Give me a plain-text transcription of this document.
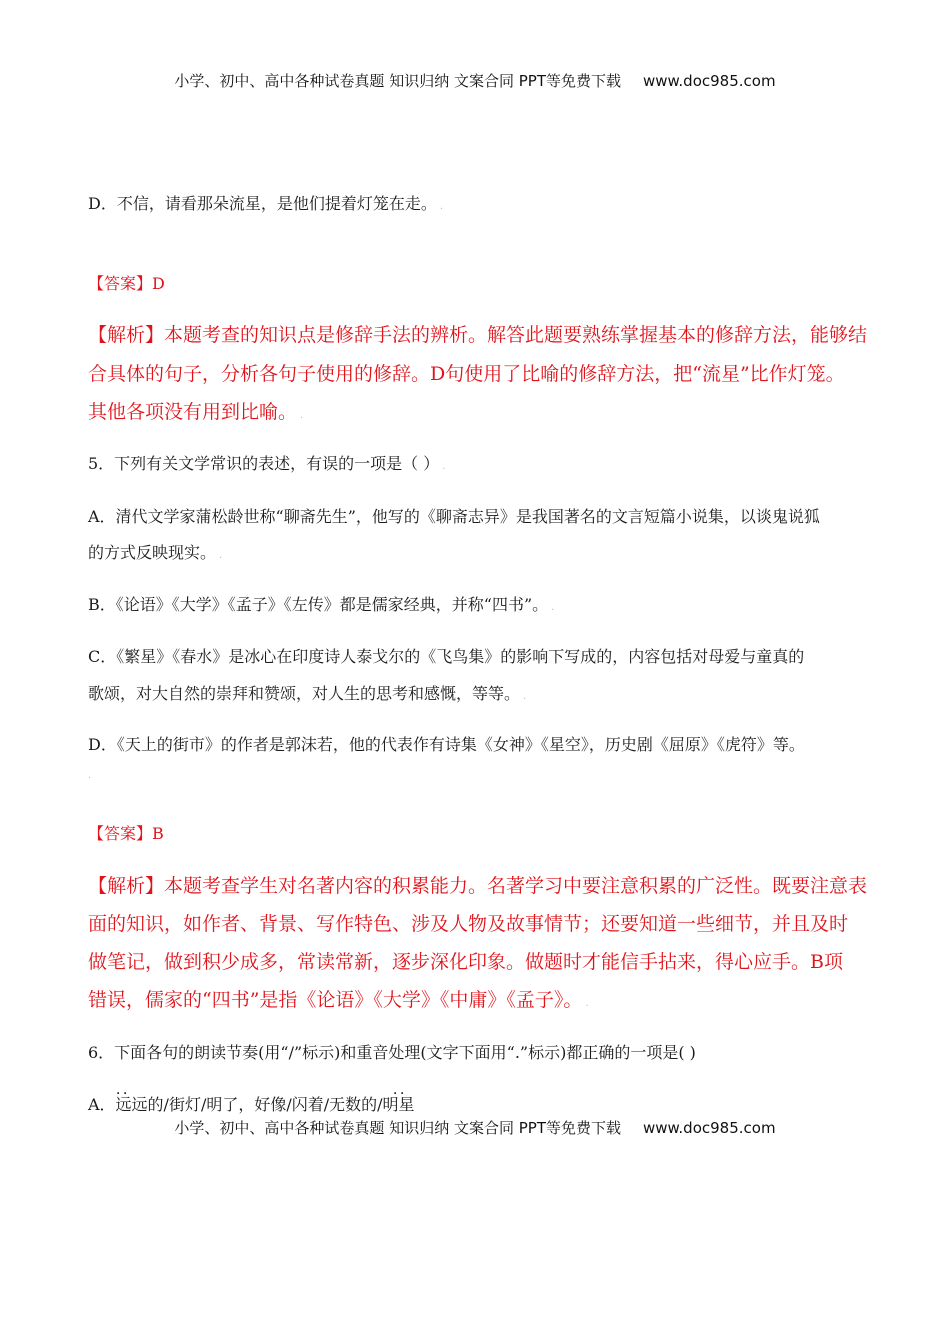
小学、初中、高中各种试卷真题 知识归纳 文案合同 PPT等免费下载 www.doc985.com
D．不信，请看那朵流星，是他们提着灯笼在走。 .
【答案】D
【解析】本题考查的知识点是修辞手法的辨析。解答此题要熟练掌握基本的修辞方法，能够结
合具体的句子，分析各句子使用的修辞。D句使用了比喻的修辞方法，把“流星”比作灯笼。
其他各项没有用到比喻。 .
5．下列有关文学常识的表述，有误的一项是（ ） .
A．清代文学家蒲松龄世称“聊斋先生”，他写的《聊斋志异》是我国著名的文言短篇小说集，以谈鬼说狐
的方式反映现实。 .
B．《论语》《大学》《孟子》《左传》都是儒家经典，并称“四书”。 .
C．《繁星》《春水》是冰心在印度诗人泰戈尔的《飞鸟集》的影响下写成的，内容包括对母爱与童真的
歌颂，对大自然的崇拜和赞颂，对人生的思考和感慨，等等。 .
D．《天上的街市》的作者是郭沫若，他的代表作有诗集《女神》《星空》，历史剧《屈原》《虎符》等。
.
【答案】B
【解析】本题考查学生对名著内容的积累能力。名著学习中要注意积累的广泛性。既要注意表
面的知识，如作者、背景、写作特色、涉及人物及故事情节；还要知道一些细节，并且及时
做笔记，做到积少成多，常读常新，逐步深化印象。做题时才能信手拈来，得心应手。B项
错误，儒家的“四书”是指《论语》《大学》《中庸》《孟子》。 .
6．下面各句的朗读节奏(用“/”标示)和重音处理(文字下面用“.”标示)都正确的一项是( )
．．	．．
A．远远的/街灯/明了，好像/闪着/无数的/明星
小学、初中、高中各种试卷真题 知识归纳 文案合同 PPT等免费下载 www.doc985.com
